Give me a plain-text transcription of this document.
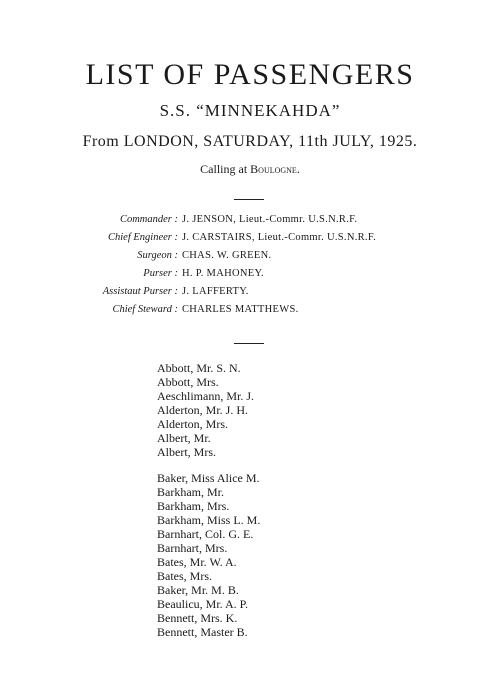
LIST OF PASSENGERS
S.S. “MINNEKAHDA”
From LONDON, SATURDAY, 11th JULY, 1925.
Calling at Boulogne.
Commander : J. JENSON, Lieut.-Commr. U.S.N.R.F.
Chief Engineer : J. CARSTAIRS, Lieut.-Commr. U.S.N.R.F.
Surgeon : CHAS. W. GREEN.
Purser : H. P. MAHONEY.
Assistaut Purser : J. LAFFERTY.
Chief Steward : CHARLES MATTHEWS.
Abbott, Mr. S. N.
Abbott, Mrs.
Aeschlimann, Mr. J.
Alderton, Mr. J. H.
Alderton, Mrs.
Albert, Mr.
Albert, Mrs.
Baker, Miss Alice M.
Barkham, Mr.
Barkham, Mrs.
Barkham, Miss L. M.
Barnhart, Col. G. E.
Barnhart, Mrs.
Bates, Mr. W. A.
Bates, Mrs.
Baker, Mr. M. B.
Beaulicu, Mr. A. P.
Bennett, Mrs. K.
Bennett, Master B.
